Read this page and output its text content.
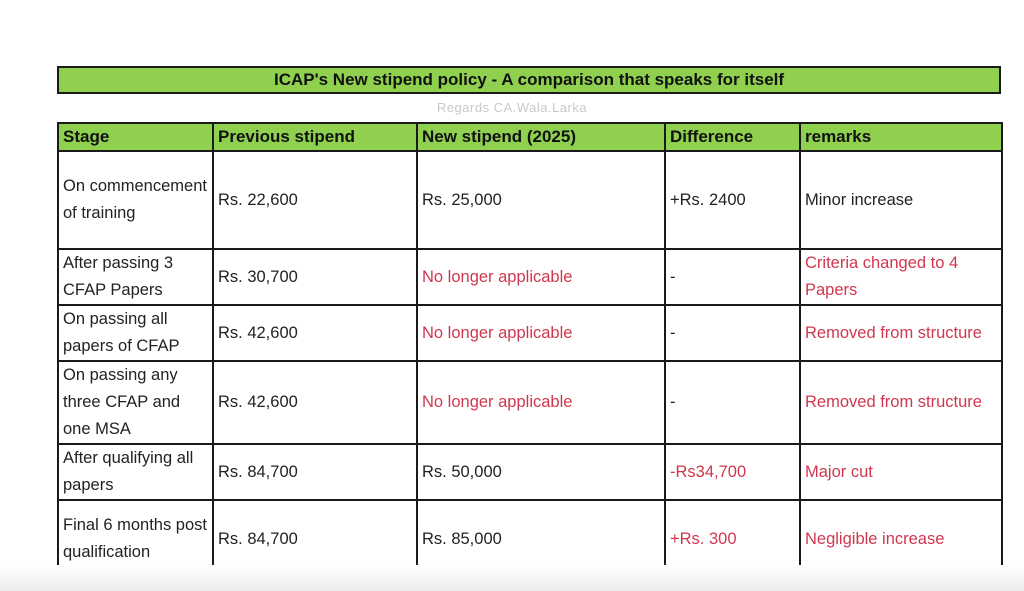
ICAP's New stipend policy - A comparison that speaks for itself
Regards CA.Wala.Larka
Stage	Previous stipend	New stipend (2025)	Difference	remarks
On commencement of training	Rs. 22,600	Rs. 25,000	+Rs. 2400	Minor increase
After passing 3 CFAP Papers	Rs. 30,700	No longer applicable	-	Criteria changed to 4 Papers
On passing all papers of CFAP	Rs. 42,600	No longer applicable	-	Removed from structure
On passing any three CFAP and one MSA	Rs. 42,600	No longer applicable	-	Removed from structure
After qualifying all papers	Rs. 84,700	Rs. 50,000	-Rs34,700	Major cut
Final 6 months post qualification	Rs. 84,700	Rs. 85,000	+Rs. 300	Negligible increase
